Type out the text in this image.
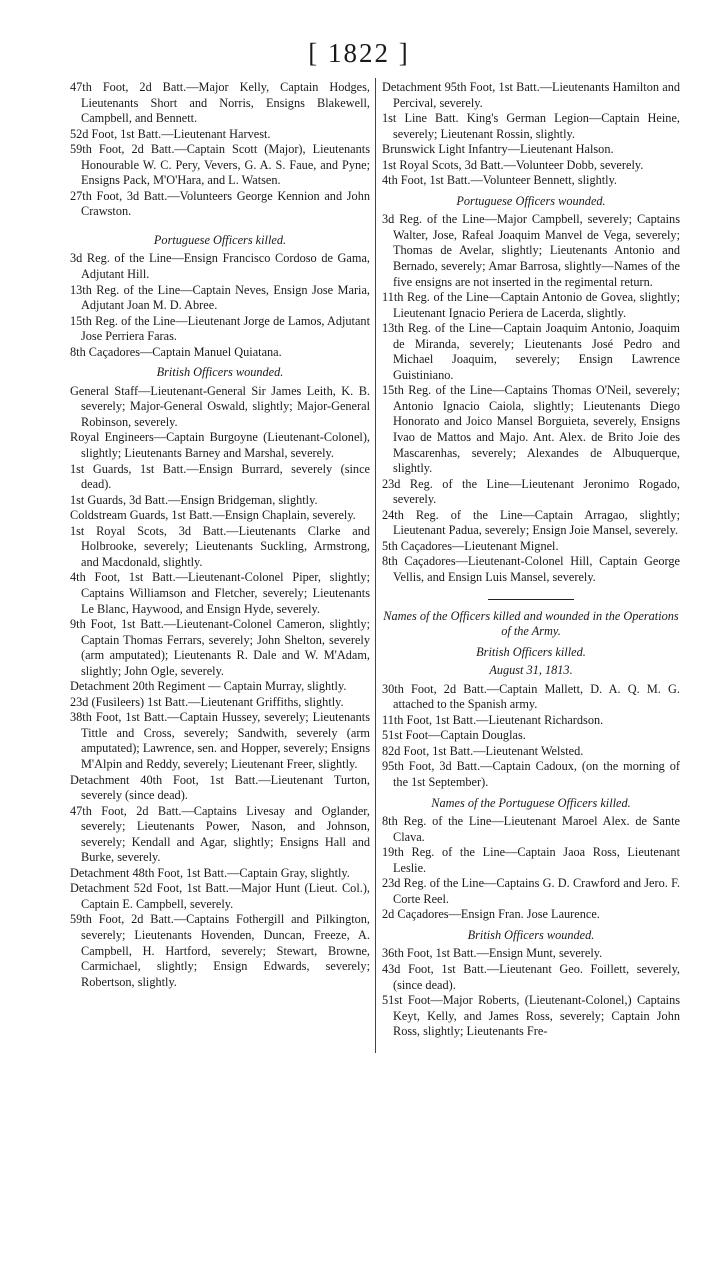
[ 1822 ]

47th Foot, 2d Batt.—Major Kelly, Captain Hodges, Lieutenants Short and Norris, Ensigns Blakewell, Campbell, and Bennett.

52d Foot, 1st Batt.—Lieutenant Harvest.

59th Foot, 2d Batt.—Captain Scott (Major), Lieutenants Honourable W. C. Pery, Vevers, G. A. S. Faue, and Pyne; Ensigns Pack, M'O'Hara, and L. Watsen.

27th Foot, 3d Batt.—Volunteers George Kennion and John Crawston.

Portuguese Officers killed.

3d Reg. of the Line—Ensign Francisco Cordoso de Gama, Adjutant Hill.

13th Reg. of the Line—Captain Neves, Ensign Jose Maria, Adjutant Joan M. D. Abree.

15th Reg. of the Line—Lieutenant Jorge de Lamos, Adjutant Jose Perriera Faras.

8th Caçadores—Captain Manuel Quiatana.

British Officers wounded.

General Staff—Lieutenant-General Sir James Leith, K. B. severely; Major-General Oswald, slightly; Major-General Robinson, severely.

Royal Engineers—Captain Burgoyne (Lieutenant-Colonel), slightly; Lieutenants Barney and Marshal, severely.

1st Guards, 1st Batt.—Ensign Burrard, severely (since dead).

1st Guards, 3d Batt.—Ensign Bridgeman, slightly.

Coldstream Guards, 1st Batt.—Ensign Chaplain, severely.

1st Royal Scots, 3d Batt.—Lieutenants Clarke and Holbrooke, severely; Lieutenants Suckling, Armstrong, and Macdonald, slightly.

4th Foot, 1st Batt.—Lieutenant-Colonel Piper, slightly; Captains Williamson and Fletcher, severely; Lieutenants Le Blanc, Haywood, and Ensign Hyde, severely.

9th Foot, 1st Batt.—Lieutenant-Colonel Cameron, slightly; Captain Thomas Ferrars, severely; John Shelton, severely (arm amputated); Lieutenants R. Dale and W. M'Adam, slightly; John Ogle, severely.

Detachment 20th Regiment — Captain Murray, slightly.

23d (Fusileers) 1st Batt.—Lieutenant Griffiths, slightly.

38th Foot, 1st Batt.—Captain Hussey, severely; Lieutenants Tittle and Cross, severely; Sandwith, severely (arm amputated); Lawrence, sen. and Hopper, severely; Ensigns M'Alpin and Reddy, severely; Lieutenant Freer, slightly.

Detachment 40th Foot, 1st Batt.—Lieutenant Turton, severely (since dead).

47th Foot, 2d Batt.—Captains Livesay and Oglander, severely; Lieutenants Power, Nason, and Johnson, severely; Kendall and Agar, slightly; Ensigns Hall and Burke, severely.

Detachment 48th Foot, 1st Batt.—Captain Gray, slightly.

Detachment 52d Foot, 1st Batt.—Major Hunt (Lieut. Col.), Captain E. Campbell, severely.

59th Foot, 2d Batt.—Captains Fothergill and Pilkington, severely; Lieutenants Hovenden, Duncan, Freeze, A. Campbell, H. Hartford, severely; Stewart, Browne, Carmichael, slightly; Ensign Edwards, severely; Robertson, slightly.

Detachment 95th Foot, 1st Batt.—Lieutenants Hamilton and Percival, severely.

1st Line Batt. King's German Legion—Captain Heine, severely; Lieutenant Rossin, slightly.

Brunswick Light Infantry—Lieutenant Halson.

1st Royal Scots, 3d Batt.—Volunteer Dobb, severely.

4th Foot, 1st Batt.—Volunteer Bennett, slightly.

Portuguese Officers wounded.

3d Reg. of the Line—Major Campbell, severely; Captains Walter, Jose, Rafeal Joaquim Manvel de Vega, severely; Thomas de Avelar, slightly; Lieutenants Antonio and Bernado, severely; Amar Barrosa, slightly—Names of the five ensigns are not inserted in the regimental return.

11th Reg. of the Line—Captain Antonio de Govea, slightly; Lieutenant Ignacio Periera de Lacerda, slightly.

13th Reg. of the Line—Captain Joaquim Antonio, Joaquim de Miranda, severely; Lieutenants José Pedro and Michael Joaquim, severely; Ensign Lawrence Guistiniano.

15th Reg. of the Line—Captains Thomas O'Neil, severely; Antonio Ignacio Caiola, slightly; Lieutenants Diego Honorato and Joico Mansel Borguieta, severely, Ensigns Ivao de Mattos and Majo. Ant. Alex. de Brito Joie des Mascarenhas, severely; Alexandes de Albuquerque, slightly.

23d Reg. of the Line—Lieutenant Jeronimo Rogado, severely.

24th Reg. of the Line—Captain Arragao, slightly; Lieutenant Padua, severely; Ensign Joie Mansel, severely.

5th Caçadores—Lieutenant Mignel.

8th Caçadores—Lieutenant-Colonel Hill, Captain George Vellis, and Ensign Luis Mansel, severely.

Names of the Officers killed and wounded in the Operations of the Army.
British Officers killed.
August 31, 1813.

30th Foot, 2d Batt.—Captain Mallett, D. A. Q. M. G. attached to the Spanish army.

11th Foot, 1st Batt.—Lieutenant Richardson.

51st Foot—Captain Douglas.

82d Foot, 1st Batt.—Lieutenant Welsted.

95th Foot, 3d Batt.—Captain Cadoux, (on the morning of the 1st September).

Names of the Portuguese Officers killed.

8th Reg. of the Line—Lieutenant Maroel Alex. de Sante Clava.

19th Reg. of the Line—Captain Jaoa Ross, Lieutenant Leslie.

23d Reg. of the Line—Captains G. D. Crawford and Jero. F. Corte Reel.

2d Caçadores—Ensign Fran. Jose Laurence.

British Officers wounded.

36th Foot, 1st Batt.—Ensign Munt, severely.

43d Foot, 1st Batt.—Lieutenant Geo. Foillett, severely, (since dead).

51st Foot—Major Roberts, (Lieutenant-Colonel,) Captains Keyt, Kelly, and James Ross, severely; Captain John Ross, slightly; Lieutenants Fre-
